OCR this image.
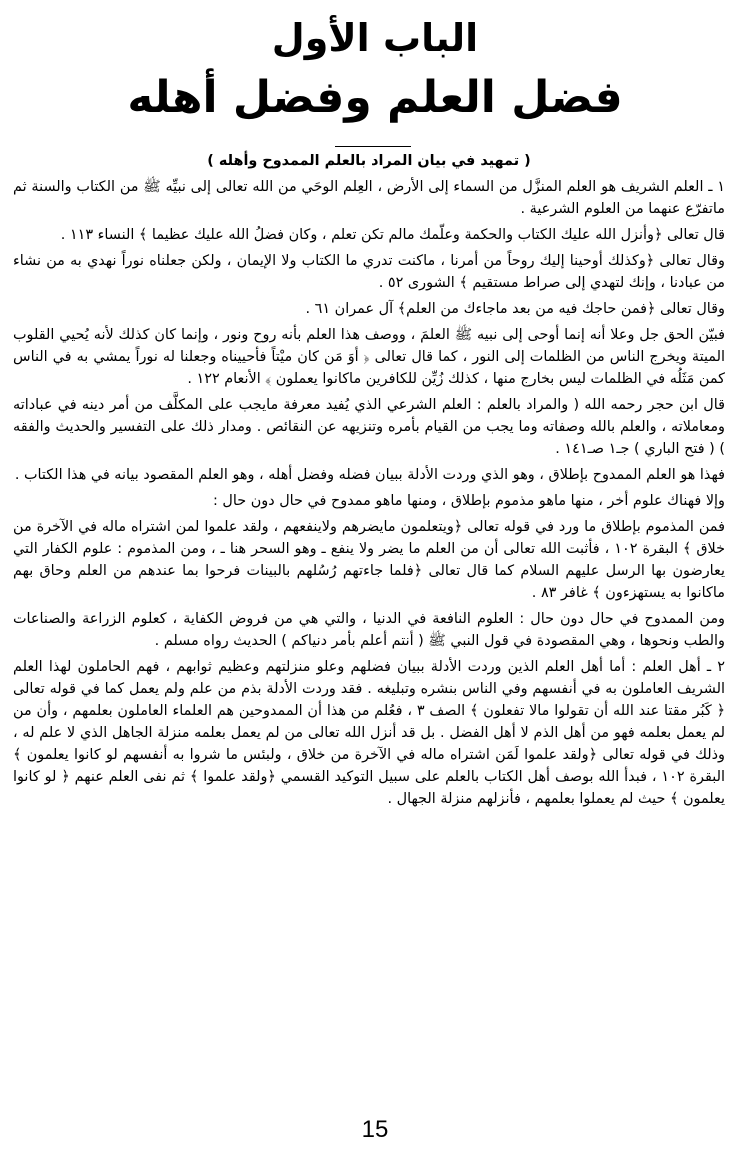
الباب الأول
فضل العلم وفضل أهله
( تمهيد في بيان المراد بالعلم الممدوح وأهله )

١ ـ العلم الشريف هو العلم المنزَّل من السماء إلى الأرض ، العِلم الوحَي من الله تعالى إلى نبيِّه ﷺ من الكتاب والسنة ثم ماتفرّع عنهما من العلوم الشرعية .

قال تعالى ﴿وأنزل الله عليك الكتاب والحكمة وعلّمك مالم تكن تعلم ، وكان فضلُ الله عليك عظيما ﴾ النساء ١١٣ .

وقال تعالى ﴿وكذلك أوحينا إليك روحاً من أمرنا ، ماكنت تدري ما الكتاب ولا الإيمان ، ولكن جعلناه نوراً نهدي به من نشاء من عبادنا ، وإنك لتهدي إلى صراط مستقيم ﴾ الشورى ٥٢ .

وقال تعالى ﴿فمن حاجك فيه من بعد ماجاءك من العلم﴾ آل عمران ٦١ .

فبيّن الحق جل وعلا أنه إنما أوحى إلى نبيه ﷺ العلمَ ، ووصف هذا العلم بأنه روح ونور ، وإنما كان كذلك لأنه يُحيي القلوب الميتة ويخرج الناس من الظلمات إلى النور ، كما قال تعالى ﴿ أوَ مَن كان ميْتاً فأحييناه وجعلنا له نوراً يمشي به في الناس كمن مَثَلُه في الظلمات ليس بخارج منها ، كذلك زُيِّن للكافرين ماكانوا يعملون ﴾ الأنعام ١٢٢ .

قال ابن حجر رحمه الله ( والمراد بالعلم : العلم الشرعي الذي يُفيد معرفة مايجب على المكلَّف من أمر دينه في عباداته ومعاملاته ، والعلم بالله وصفاته وما يجب من القيام بأمره وتنزيهه عن النقائص . ومدار ذلك على التفسير والحديث والفقه ) ( فتح الباري ) جـ١ صـ١٤١ .

فهذا هو العلم الممدوح بإطلاق ، وهو الذي وردت الأدلة ببيان فضله وفضل أهله ، وهو العلم المقصود بيانه في هذا الكتاب .

وإلا فهناك علوم أخر ، منها ماهو مذموم بإطلاق ، ومنها ماهو ممدوح في حال دون حال :

فمن المذموم بإطلاق ما ورد في قوله تعالى ﴿ويتعلمون مايضرهم ولاينفعهم ، ولقد علموا لمن اشتراه ماله في الآخرة من خلاق ﴾ البقرة ١٠٢ ، فأثبت الله تعالى أن من العلم ما يضر ولا ينفع ـ وهو السحر هنا ـ ، ومن المذموم : علوم الكفار التي يعارضون بها الرسل عليهم السلام كما قال تعالى ﴿فلما جاءتهم رُسُلهم بالبينات فرحوا بما عندهم من العلم وحاق بهم ماكانوا به يستهزءون ﴾ غافر ٨٣ .

ومن الممدوح في حال دون حال : العلوم النافعة في الدنيا ، والتي هي من فروض الكفاية ، كعلوم الزراعة والصناعات والطب ونحوها ، وهي المقصودة في قول النبي ﷺ ( أنتم أعلم بأمر دنياكم ) الحديث رواه مسلم .

٢ ـ أهل العلم : أما أهل العلم الذين وردت الأدلة ببيان فضلهم وعلو منزلتهم وعظيم ثوابهم ، فهم الحاملون لهذا العلم الشريف العاملون به في أنفسهم وفي الناس بنشره وتبليغه . فقد وردت الأدلة بذم من علم ولم يعمل كما في قوله تعالى ﴿ كَبُر مقتا عند الله أن تقولوا مالا تفعلون ﴾ الصف ٣ ، فعُلم من هذا أن الممدوحين هم العلماء العاملون بعلمهم ، وأن من لم يعمل بعلمه فهو من أهل الذم لا أهل الفضل . بل قد أنزل الله تعالى من لم يعمل بعلمه منزلة الجاهل الذي لا علم له ، وذلك في قوله تعالى ﴿ولقد علموا لَمَن اشتراه ماله في الآخرة من خلاق ، ولبئس ما شروا به أنفسهم لو كانوا يعلمون ﴾ البقرة ١٠٢ ، فبدأ الله بوصف أهل الكتاب بالعلم على سبيل التوكيد القسمي ﴿ولقد علموا ﴾ ثم نفى العلم عنهم ﴿ لو كانوا يعلمون ﴾ حيث لم يعملوا بعلمهم ، فأنزلهم منزلة الجهال .

15
